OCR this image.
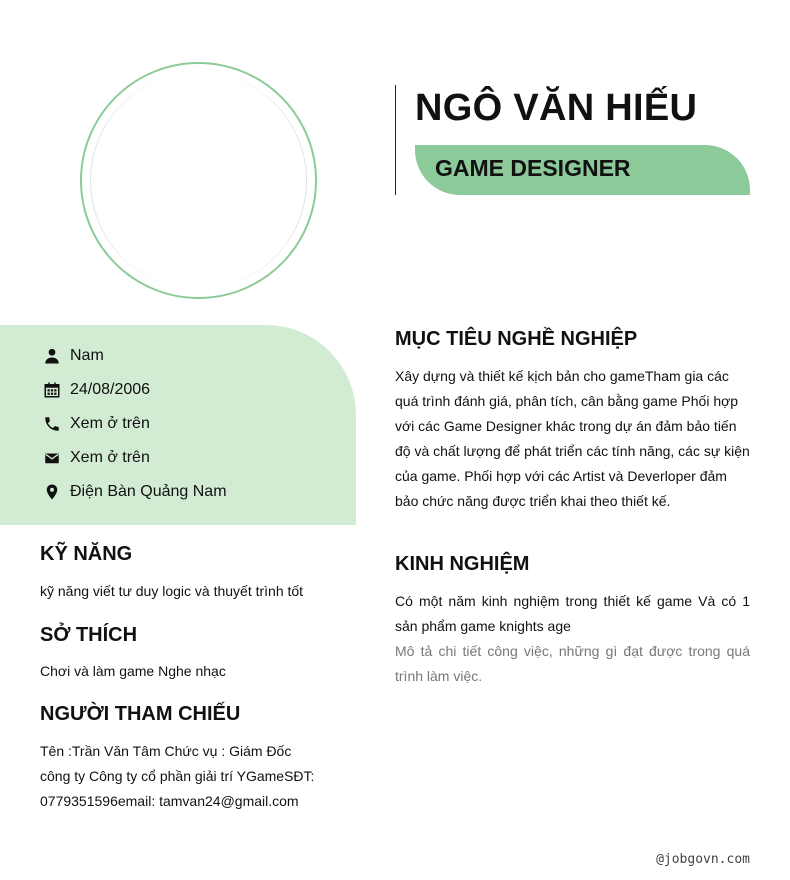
NGÔ VĂN HIẾU
GAME DESIGNER
Nam
24/08/2006
Xem ở trên
Xem ở trên
Điện Bàn Quảng Nam
KỸ NĂNG

kỹ năng viết tư duy logic và thuyết trình tốt

SỞ THÍCH

Chơi và làm game Nghe nhạc

NGƯỜI THAM CHIẾU

Tên :Trần Văn Tâm Chức vụ : Giám Đốc công ty Công ty cổ phần giải trí YGameSĐT: 0779351596email: tamvan24@gmail.com

MỤC TIÊU NGHỀ NGHIỆP

Xây dựng và thiết kế kịch bản cho gameTham gia các quá trình đánh giá, phân tích, cân bằng game Phối hợp với các Game Designer khác trong dự án đảm bảo tiến độ và chất lượng để phát triển các tính năng, các sự kiện của game. Phối hợp với các Artist và Deverloper đảm bảo chức năng được triển khai theo thiết kế.

KINH NGHIỆM

Có một năm kinh nghiệm trong thiết kế game Và có 1 sản phẩm game knights age

Mô tả chi tiết công việc, những gì đạt được trong quá trình làm việc.

@jobgovn.com
